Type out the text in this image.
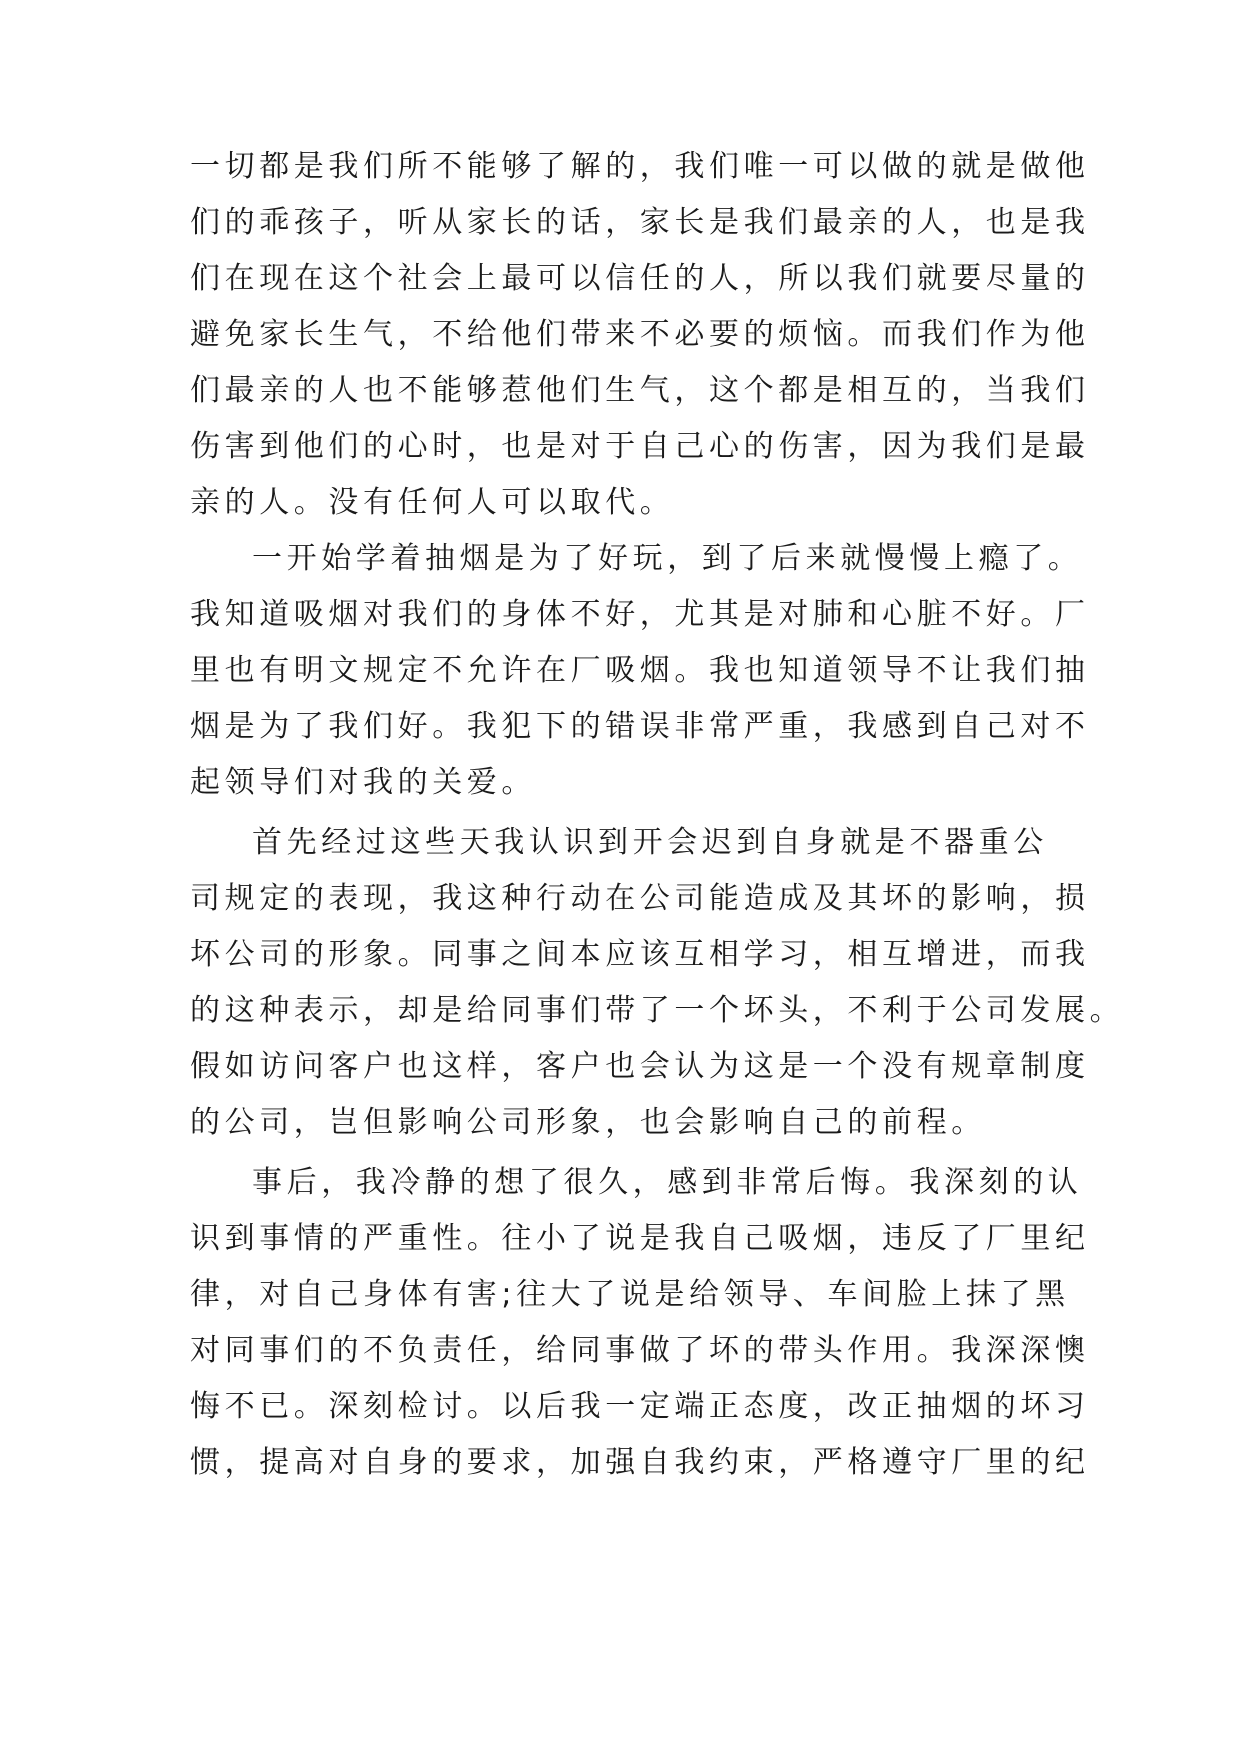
一切都是我们所不能够了解的，我们唯一可以做的就是做他
们的乖孩子，听从家长的话，家长是我们最亲的人，也是我
们在现在这个社会上最可以信任的人，所以我们就要尽量的
避免家长生气，不给他们带来不必要的烦恼。而我们作为他
们最亲的人也不能够惹他们生气，这个都是相互的，当我们
伤害到他们的心时，也是对于自己心的伤害，因为我们是最
亲的人。没有任何人可以取代。
一开始学着抽烟是为了好玩，到了后来就慢慢上瘾了。
我知道吸烟对我们的身体不好，尤其是对肺和心脏不好。厂
里也有明文规定不允许在厂吸烟。我也知道领导不让我们抽
烟是为了我们好。我犯下的错误非常严重，我感到自己对不
起领导们对我的关爱。
首先经过这些天我认识到开会迟到自身就是不器重公
司规定的表现，我这种行动在公司能造成及其坏的影响，损
坏公司的形象。同事之间本应该互相学习，相互增进，而我
的这种表示，却是给同事们带了一个坏头，不利于公司发展。
假如访问客户也这样，客户也会认为这是一个没有规章制度
的公司，岂但影响公司形象，也会影响自己的前程。
事后，我冷静的想了很久，感到非常后悔。我深刻的认
识到事情的严重性。往小了说是我自己吸烟，违反了厂里纪
律，对自己身体有害;往大了说是给领导、车间脸上抹了黑
对同事们的不负责任，给同事做了坏的带头作用。我深深懊
悔不已。深刻检讨。以后我一定端正态度，改正抽烟的坏习
惯，提高对自身的要求，加强自我约束，严格遵守厂里的纪
